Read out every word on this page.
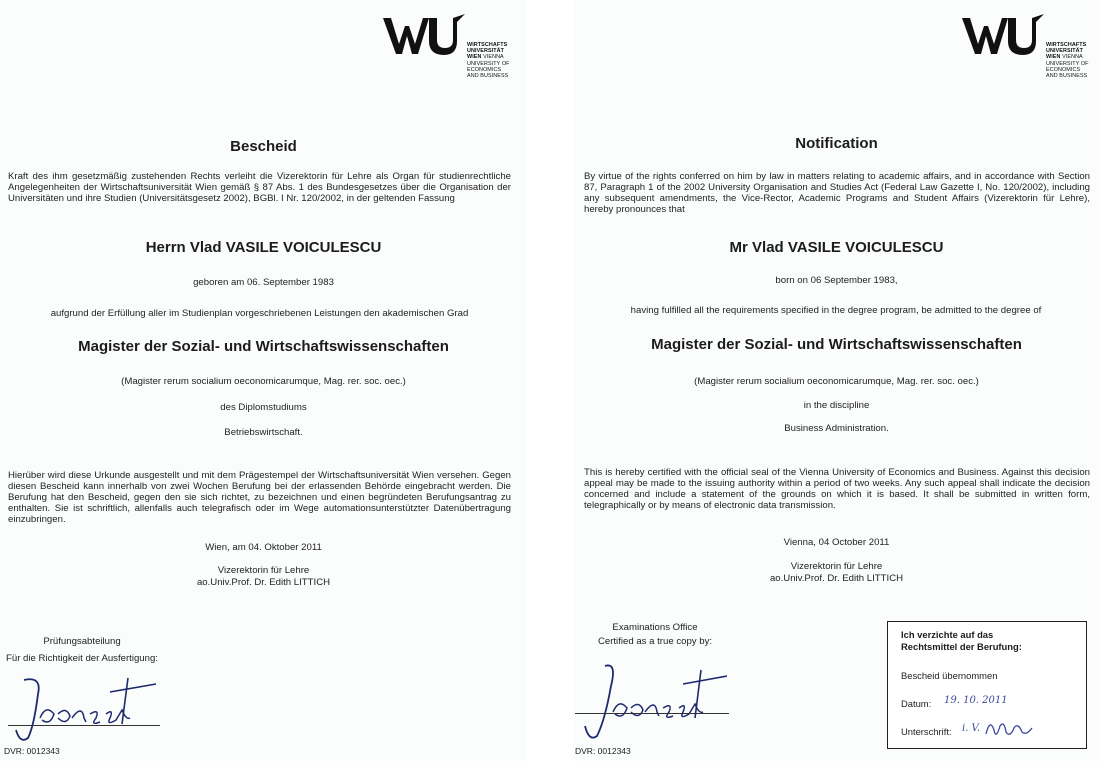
WIRTSCHAFTS
UNIVERSITÄT
WIEN VIENNA
UNIVERSITY OF
ECONOMICS
AND BUSINESS
Bescheid
Kraft des ihm gesetzmäßig zustehenden Rechts verleiht die Vizerektorin für Lehre als Organ für studienrechtliche Angelegenheiten der Wirtschaftsuniversität Wien gemäß § 87 Abs. 1 des Bundesgesetzes über die Organisation der Universitäten und ihre Studien (Universitätsgesetz 2002), BGBl. I Nr. 120/2002, in der geltenden Fassung
Herrn Vlad VASILE VOICULESCU
geboren am 06. September 1983
aufgrund der Erfüllung aller im Studienplan vorgeschriebenen Leistungen den akademischen Grad
Magister der Sozial- und Wirtschaftswissenschaften
(Magister rerum socialium oeconomicarumque, Mag. rer. soc. oec.)
des Diplomstudiums
Betriebswirtschaft.
Hierüber wird diese Urkunde ausgestellt und mit dem Prägestempel der Wirtschaftsuniversität Wien versehen. Gegen diesen Bescheid kann innerhalb von zwei Wochen Berufung bei der erlassenden Behörde eingebracht werden. Die Berufung hat den Bescheid, gegen den sie sich richtet, zu bezeichnen und einen begründeten Berufungsantrag zu enthalten. Sie ist schriftlich, allenfalls auch telegrafisch oder im Wege automationsunterstützter Datenübertragung einzubringen.
Wien, am 04. Oktober 2011
Vizerektorin für Lehre
ao.Univ.Prof. Dr. Edith LITTICH
Prüfungsabteilung
Für die Richtigkeit der Ausfertigung:
DVR: 0012343
WIRTSCHAFTS
UNIVERSITÄT
WIEN VIENNA
UNIVERSITY OF
ECONOMICS
AND BUSINESS
Notification
By virtue of the rights conferred on him by law in matters relating to academic affairs, and in accordance with Section 87, Paragraph 1 of the 2002 University Organisation and Studies Act (Federal Law Gazette I, No. 120/2002), including any subsequent amendments, the Vice-Rector, Academic Programs and Student Affairs (Vizerektorin für Lehre), hereby pronounces that
Mr Vlad VASILE VOICULESCU
born on 06 September 1983,
having fulfilled all the requirements specified in the degree program, be admitted to the degree of
Magister der Sozial- und Wirtschaftswissenschaften
(Magister rerum socialium oeconomicarumque, Mag. rer. soc. oec.)
in the discipline
Business Administration.
This is hereby certified with the official seal of the Vienna University of Economics and Business. Against this decision appeal may be made to the issuing authority within a period of two weeks. Any such appeal shall indicate the decision concerned and include a statement of the grounds on which it is based. It shall be submitted in written form, telegraphically or by means of electronic data transmission.
Vienna, 04 October 2011
Vizerektorin für Lehre
ao.Univ.Prof. Dr. Edith LITTICH
Examinations Office
Certified as a true copy by:
DVR: 0012343
Ich verzichte auf das
Rechtsmittel der Berufung:
Bescheid übernommen
Datum: 19. 10. 2011
Unterschrift: i. V.
